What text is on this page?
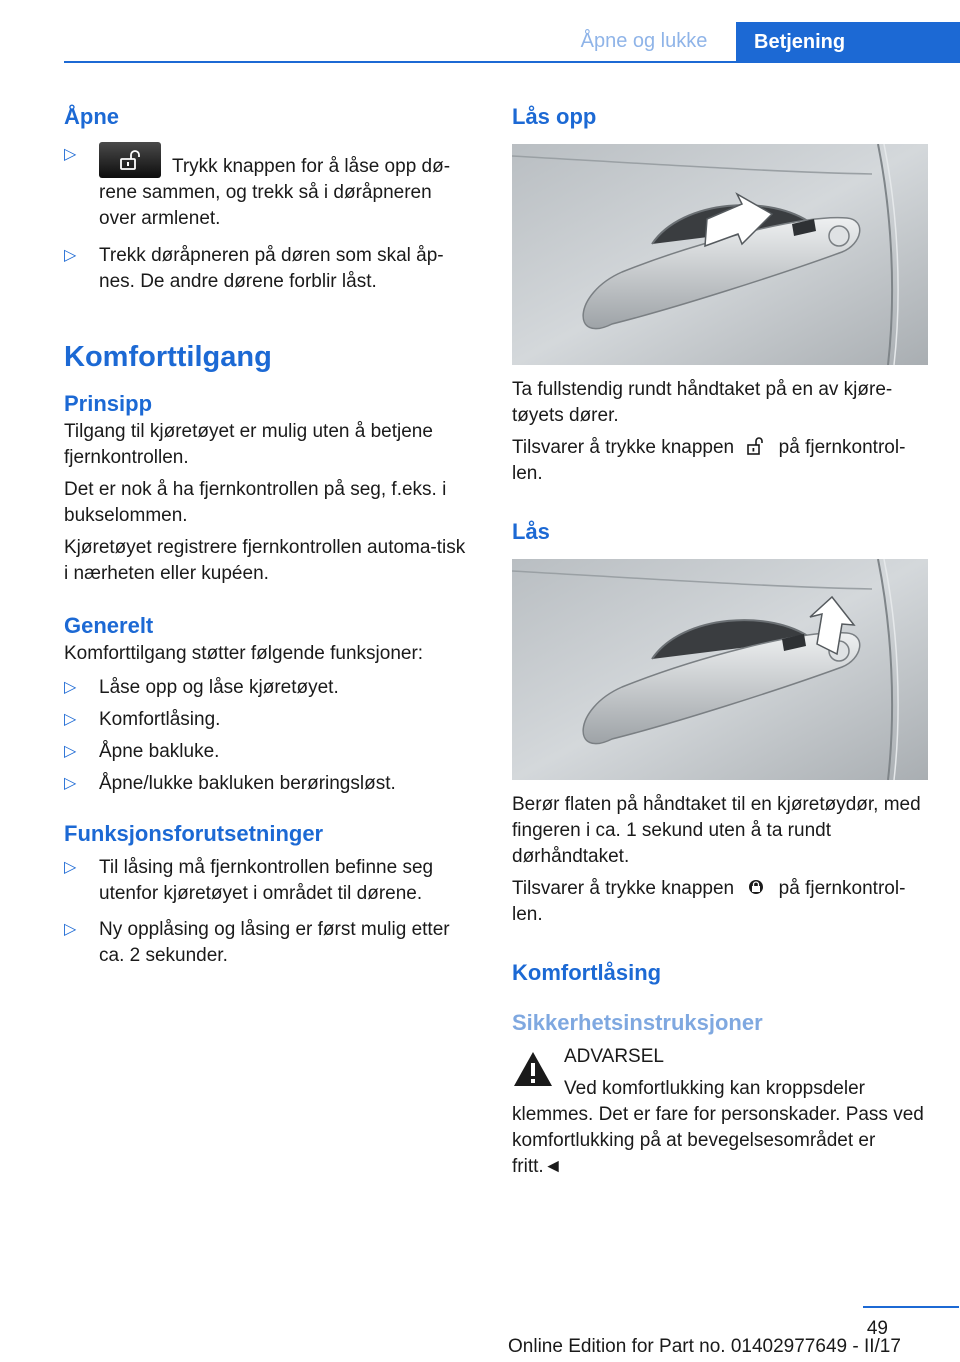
Åpne og lukke	Betjening
Åpne
▷
Trykk knappen for å låse opp dø‐rene sammen, og trekk så i døråpneren over armlenet.
▷ Trekk døråpneren på døren som skal åp‐nes. De andre dørene forblir låst.
Komforttilgang
Prinsipp

Tilgang til kjøretøyet er mulig uten å betjene fjernkontrollen.

Det er nok å ha fjernkontrollen på seg, f.eks. i bukselommen.

Kjøretøyet registrere fjernkontrollen automa‐tisk i nærheten eller kupéen.

Generelt

Komforttilgang støtter følgende funksjoner:

▷ Låse opp og låse kjøretøyet.
▷ Komfortlåsing.
▷ Åpne bakluke.
▷ Åpne/lukke bakluken berøringsløst.
Funksjonsforutsetninger
▷ Til låsing må fjernkontrollen befinne seg utenfor kjøretøyet i området til dørene.
▷ Ny opplåsing og låsing er først mulig etter ca. 2 sekunder.
Lås opp

Ta fullstendig rundt håndtaket på en av kjøre‐tøyets dører.

Tilsvarer å trykke knappen på fjernkontrol‐len.

Lås

Berør flaten på håndtaket til en kjøretøydør, med fingeren i ca. 1 sekund uten å ta rundt dørhåndtaket.

Tilsvarer å trykke knappen på fjernkontrol‐len.

Komfortlåsing
Sikkerhetsinstruksjoner

ADVARSEL

Ved komfortlukking kan kroppsdeler klemmes. Det er fare for personskader. Pass ved komfortlukking på at bevegelsesområdet er fritt.◄

49
Online Edition for Part no. 01402977649 - II/17
